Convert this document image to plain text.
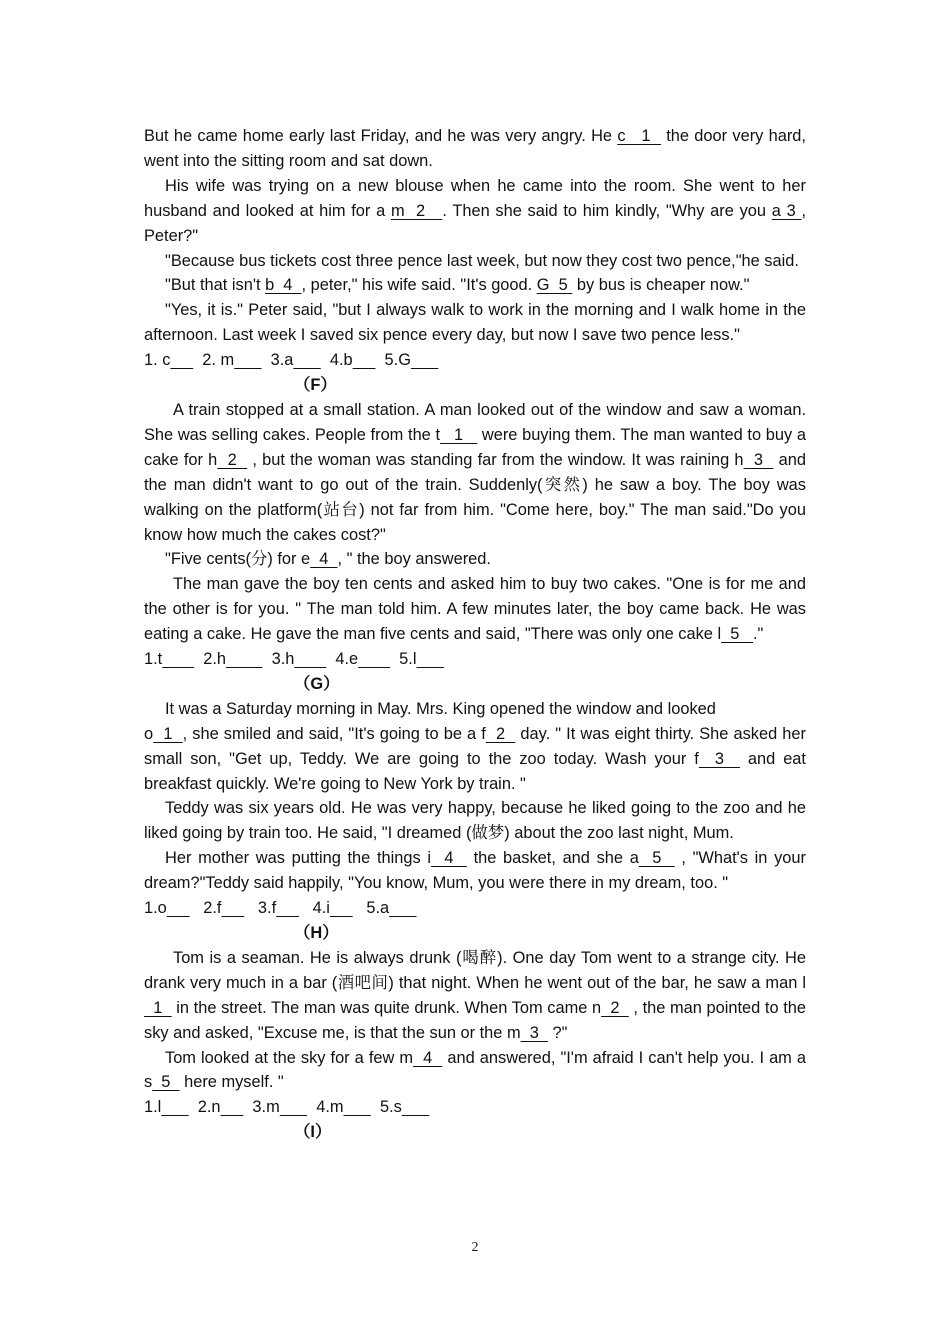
But he came home early last Friday, and he was very angry. He c   1   the door very hard, went into the sitting room and sat down.

His wife was trying on a new blouse when he came into the room. She went to her husband and looked at him for a m  2   . Then she said to him kindly, "Why are you a 3 , Peter?"

"Because bus tickets cost three pence last week, but now they cost two pence,"he said.

"But that isn't b  4  , peter," his wife said. "It's good. G  5  by bus is cheaper now."

"Yes, it is." Peter said, "but I always walk to work in the morning and I walk home in the afternoon. Last week I saved six pence every day, but now I save two pence less."

1. c       2. m        3.a        4.b       5.G

（F）

A train stopped at a small station. A man looked out of the window and saw a woman. She was selling cakes. People from the t   1    were buying them. The man wanted to buy a cake for h  2   , but the woman was standing far from the window. It was raining h  3   and the man didn't want to go out of the train. Suddenly(突然) he saw a boy. The boy was walking on the platform(站台) not far from him. "Come here, boy." The man said."Do you know how much the cakes cost?"

"Five cents(分) for e  4  , " the boy answered.

The man gave the boy ten cents and asked him to buy two cakes. "One is for me and the other is for you. " The man told him. A few minutes later, the boy came back. He was eating a cake. He gave the man five cents and said, "There was only one cake l  5   ."

1.t         2.h          3.h         4.e         5.l

（G）

It was a Saturday morning in May. Mrs. King opened the window and looked

o  1  , she smiled and said, "It's going to be a f  2   day. " It was eight thirty. She asked her small son, "Get up, Teddy. We are going to the zoo today. Wash your f  3   and eat breakfast quickly. We're going to New York by train. "

Teddy was six years old. He was very happy, because he liked going to the zoo and he liked going by train too. He said, "I dreamed (做梦) about the zoo last night, Mum.

Her mother was putting the things i  4   the basket, and she a  5   , "What's in your dream?"Teddy said happily, "You know, Mum, you were there in my dream, too. "

1.o        2.f        3.f        4.i        5.a

（H）

Tom is a seaman. He is always drunk (喝醉). One day Tom went to a strange city. He drank very much in a bar (酒吧间) that night. When he went out of the bar, he saw a man l  1   in the street. The man was quite drunk. When Tom came n  2   , the man pointed to the sky and asked, "Excuse me, is that the sun or the m  3   ?"

Tom looked at the sky for a few m  4   and answered, "I'm afraid I can't help you. I am a s  5   here myself. "

1.l        2.n       3.m        4.m        5.s

（I）

2
